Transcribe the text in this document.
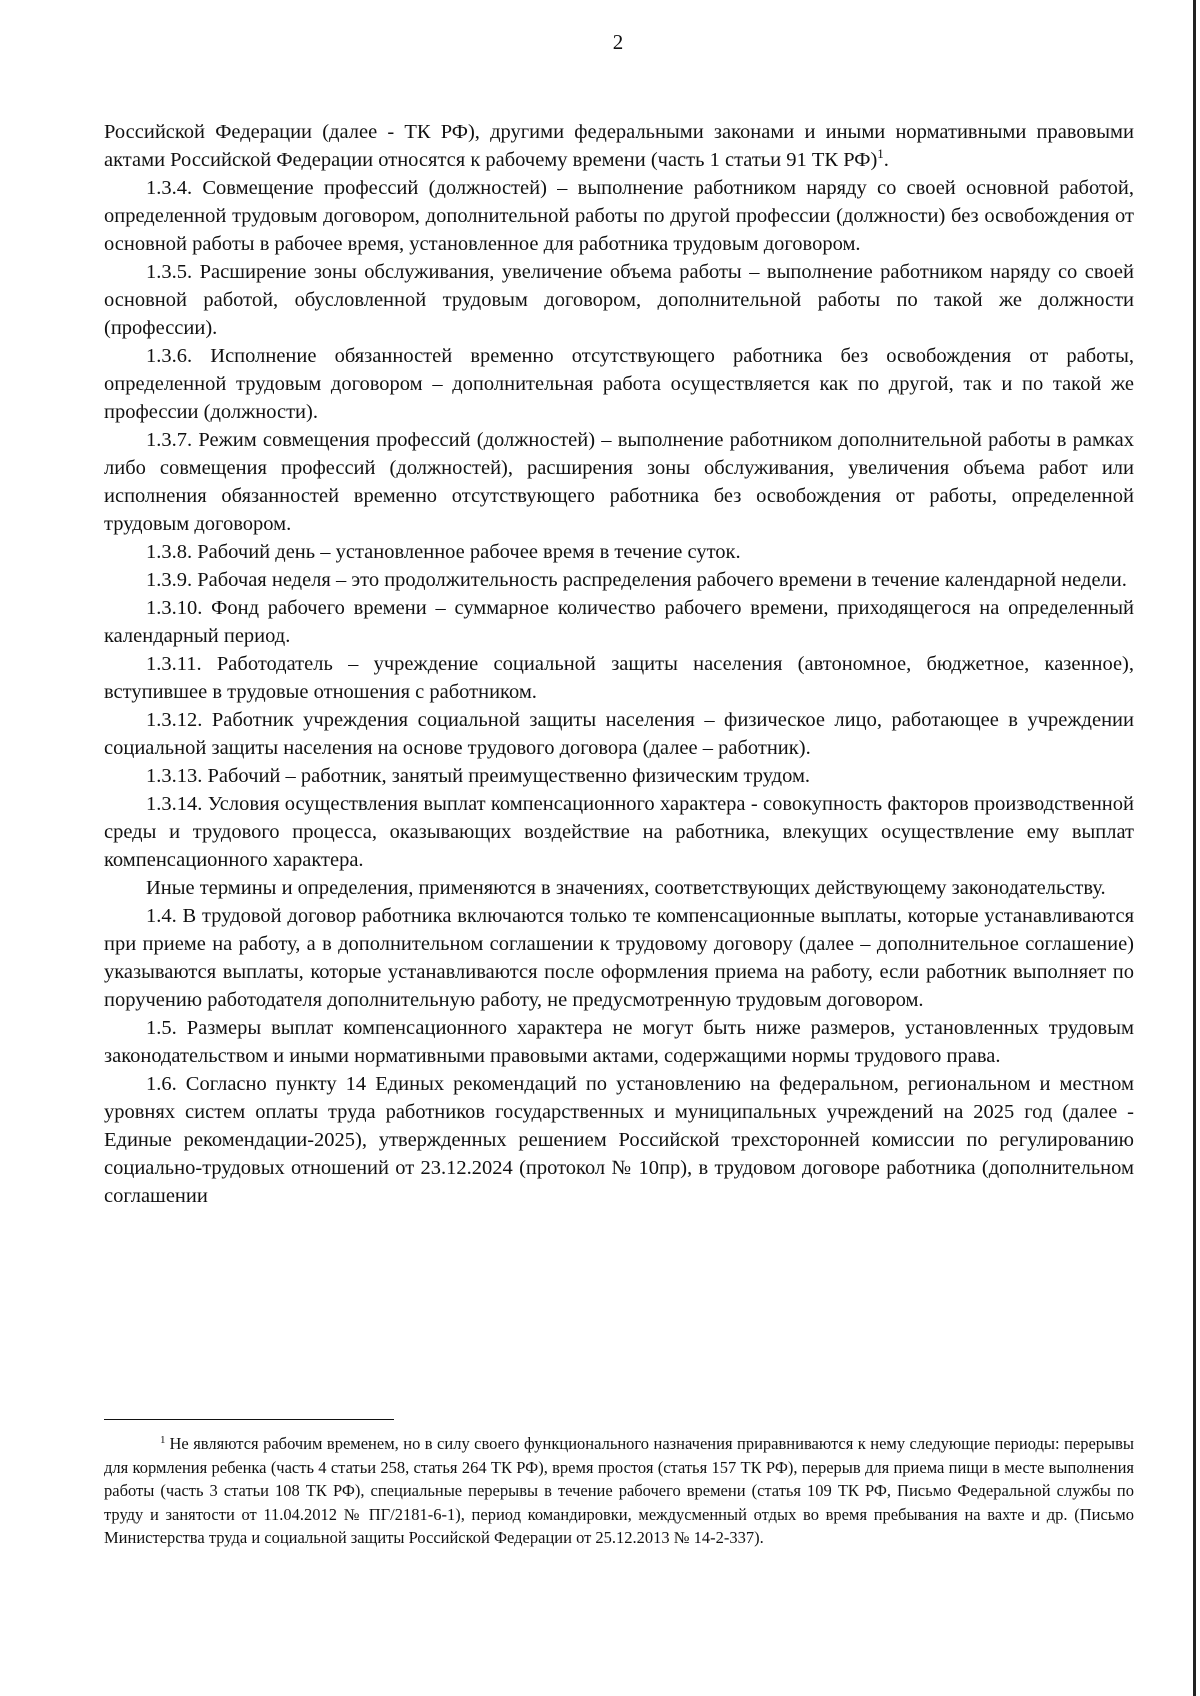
2

Российской Федерации (далее - ТК РФ), другими федеральными законами и иными нормативными правовыми актами Российской Федерации относятся к рабочему времени (часть 1 статьи 91 ТК РФ)$^1$.

1.3.4. Совмещение профессий (должностей) – выполнение работником наряду со своей основной работой, определенной трудовым договором, дополнительной работы по другой профессии (должности) без освобождения от основной работы в рабочее время, установленное для работника трудовым договором.

1.3.5. Расширение зоны обслуживания, увеличение объема работы – выполнение работником наряду со своей основной работой, обусловленной трудовым договором, дополнительной работы по такой же должности (профессии).

1.3.6. Исполнение обязанностей временно отсутствующего работника без освобождения от работы, определенной трудовым договором – дополнительная работа осуществляется как по другой, так и по такой же профессии (должности).

1.3.7. Режим совмещения профессий (должностей) – выполнение работником дополнительной работы в рамках либо совмещения профессий (должностей), расширения зоны обслуживания, увеличения объема работ или исполнения обязанностей временно отсутствующего работника без освобождения от работы, определенной трудовым договором.

1.3.8. Рабочий день – установленное рабочее время в течение суток.

1.3.9. Рабочая неделя – это продолжительность распределения рабочего времени в течение календарной недели.

1.3.10. Фонд рабочего времени – суммарное количество рабочего времени, приходящегося на определенный календарный период.

1.3.11. Работодатель – учреждение социальной защиты населения (автономное, бюджетное, казенное), вступившее в трудовые отношения с работником.

1.3.12. Работник учреждения социальной защиты населения – физическое лицо, работающее в учреждении социальной защиты населения на основе трудового договора (далее – работник).

1.3.13. Рабочий – работник, занятый преимущественно физическим трудом.

1.3.14. Условия осуществления выплат компенсационного характера - совокупность факторов производственной среды и трудового процесса, оказывающих воздействие на работника, влекущих осуществление ему выплат компенсационного характера.

Иные термины и определения, применяются в значениях, соответствующих действующему законодательству.

1.4. В трудовой договор работника включаются только те компенсационные выплаты, которые устанавливаются при приеме на работу, а в дополнительном соглашении к трудовому договору (далее – дополнительное соглашение) указываются выплаты, которые устанавливаются после оформления приема на работу, если работник выполняет по поручению работодателя дополнительную работу, не предусмотренную трудовым договором.

1.5. Размеры выплат компенсационного характера не могут быть ниже размеров, установленных трудовым законодательством и иными нормативными правовыми актами, содержащими нормы трудового права.

1.6. Согласно пункту 14 Единых рекомендаций по установлению на федеральном, региональном и местном уровнях систем оплаты труда работников государственных и муниципальных учреждений на 2025 год (далее - Единые рекомендации-2025), утвержденных решением Российской трехсторонней комиссии по регулированию социально-трудовых отношений от 23.12.2024 (протокол № 10пр), в трудовом договоре работника (дополнительном соглашении

$^1$ Не являются рабочим временем, но в силу своего функционального назначения приравниваются к нему следующие периоды: перерывы для кормления ребенка (часть 4 статьи 258, статья 264 ТК РФ), время простоя (статья 157 ТК РФ), перерыв для приема пищи в месте выполнения работы (часть 3 статьи 108 ТК РФ), специальные перерывы в течение рабочего времени (статья 109 ТК РФ, Письмо Федеральной службы по труду и занятости от 11.04.2012 № ПГ/2181-6-1), период командировки, междусменный отдых во время пребывания на вахте и др. (Письмо Министерства труда и социальной защиты Российской Федерации от 25.12.2013 № 14-2-337).
